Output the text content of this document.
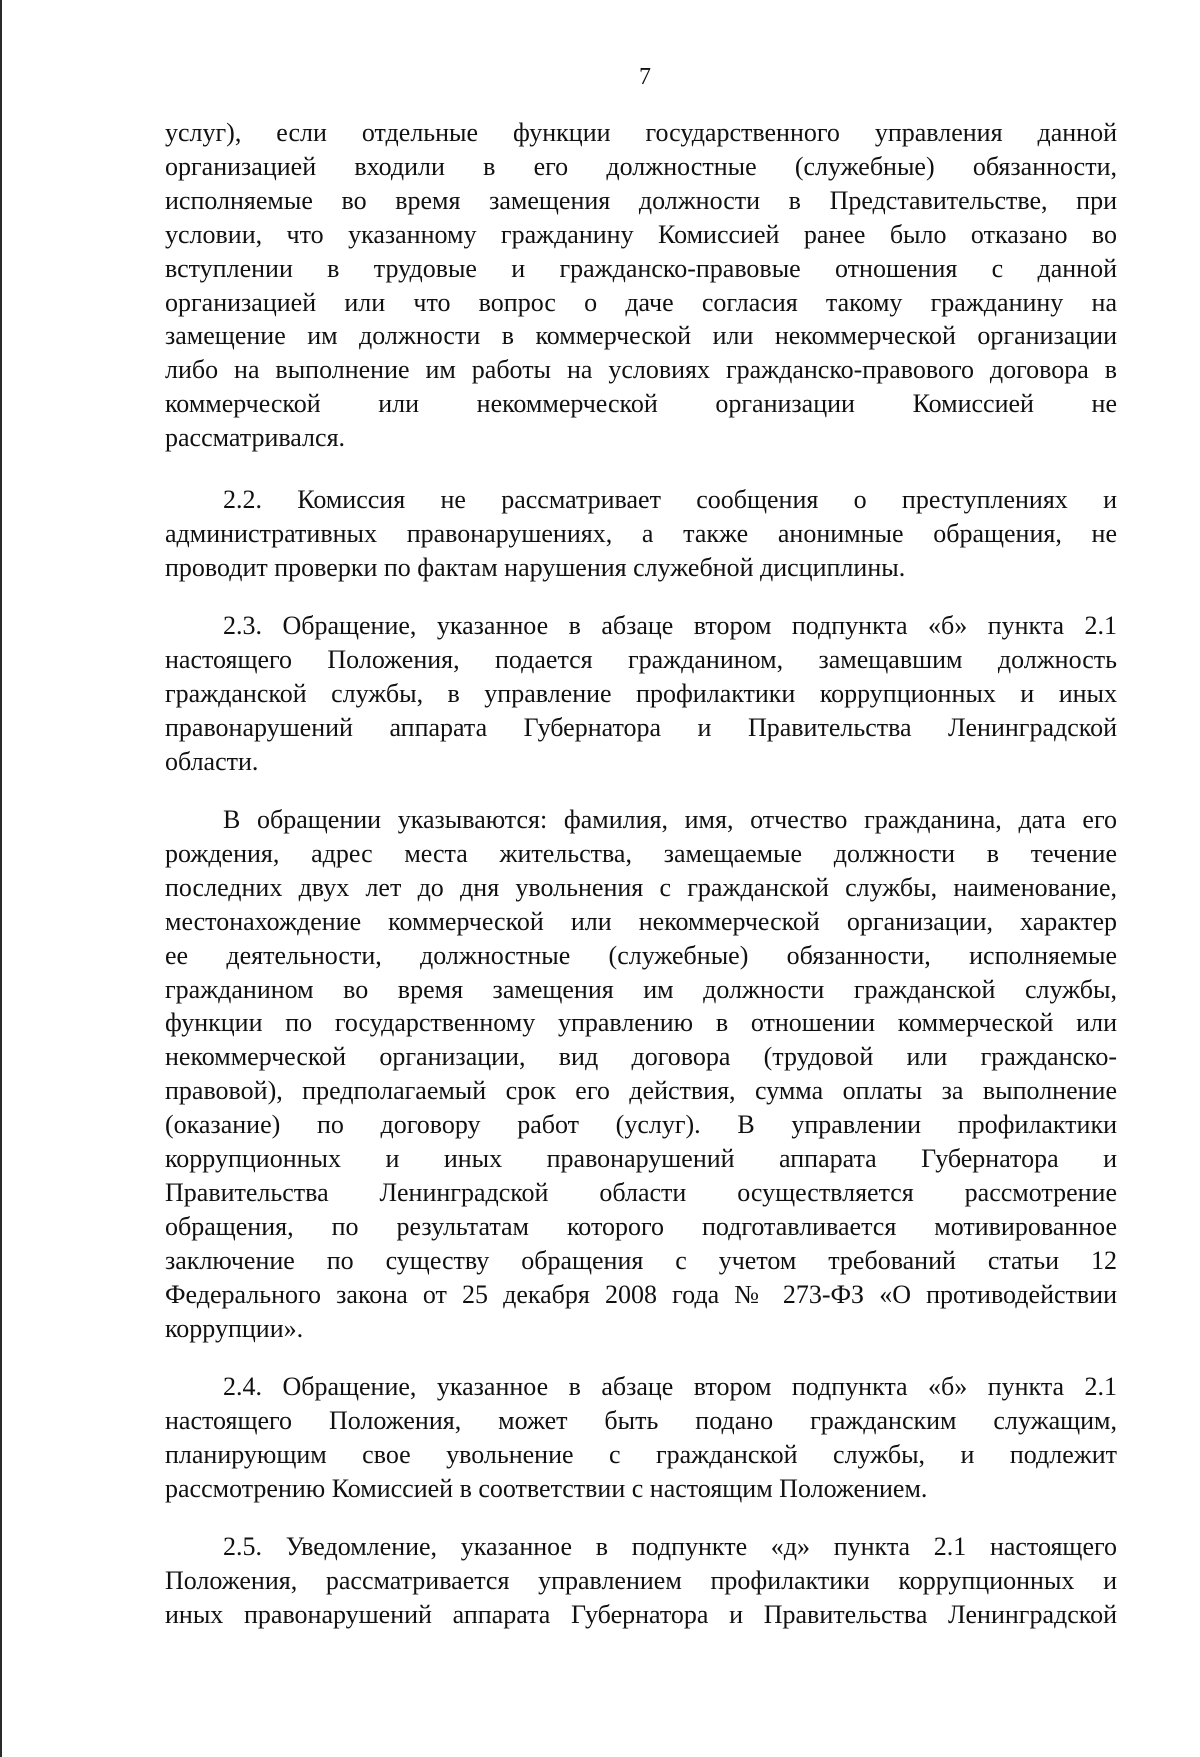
7
услуг), если отдельные функции государственного управления данной
организацией входили в его должностные (служебные) обязанности,
исполняемые во время замещения должности в Представительстве, при
условии, что указанному гражданину Комиссией ранее было отказано во
вступлении в трудовые и гражданско-правовые отношения с данной
организацией или что вопрос о даче согласия такому гражданину на
замещение им должности в коммерческой или некоммерческой организации
либо на выполнение им работы на условиях гражданско-правового договора в
коммерческой или некоммерческой организации Комиссией не
рассматривался.
2.2. Комиссия не рассматривает сообщения о преступлениях и
административных правонарушениях, а также анонимные обращения, не
проводит проверки по фактам нарушения служебной дисциплины.
2.3. Обращение, указанное в абзаце втором подпункта «б» пункта 2.1
настоящего Положения, подается гражданином, замещавшим должность
гражданской службы, в управление профилактики коррупционных и иных
правонарушений аппарата Губернатора и Правительства Ленинградской
области.
В обращении указываются: фамилия, имя, отчество гражданина, дата его
рождения, адрес места жительства, замещаемые должности в течение
последних двух лет до дня увольнения с гражданской службы, наименование,
местонахождение коммерческой или некоммерческой организации, характер
ее деятельности, должностные (служебные) обязанности, исполняемые
гражданином во время замещения им должности гражданской службы,
функции по государственному управлению в отношении коммерческой или
некоммерческой организации, вид договора (трудовой или гражданско-
правовой), предполагаемый срок его действия, сумма оплаты за выполнение
(оказание) по договору работ (услуг). В управлении профилактики
коррупционных и иных правонарушений аппарата Губернатора и
Правительства Ленинградской области осуществляется рассмотрение
обращения, по результатам которого подготавливается мотивированное
заключение по существу обращения с учетом требований статьи 12
Федерального закона от 25 декабря 2008 года № 273-ФЗ «О противодействии
коррупции».
2.4. Обращение, указанное в абзаце втором подпункта «б» пункта 2.1
настоящего Положения, может быть подано гражданским служащим,
планирующим свое увольнение с гражданской службы, и подлежит
рассмотрению Комиссией в соответствии с настоящим Положением.
2.5. Уведомление, указанное в подпункте «д» пункта 2.1 настоящего
Положения, рассматривается управлением профилактики коррупционных и
иных правонарушений аппарата Губернатора и Правительства Ленинградской
